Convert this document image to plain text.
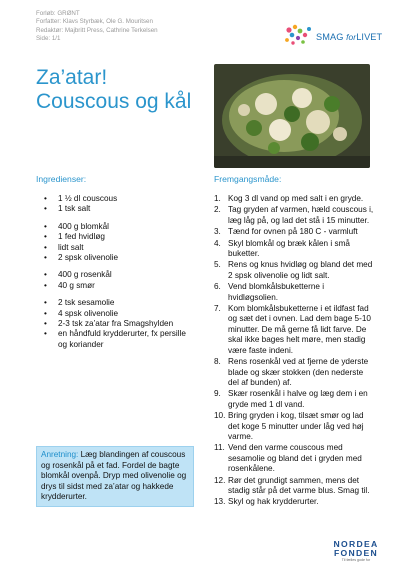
Forløb: GRØNT
Forfatter: Klavs Styrbæk, Ole G. Mouritsen
Redaktør: Majbritt Press, Cathrine Terkelsen
Side: 1/1	SMAG forLIVET
Za’atar! Couscous og kål
Ingredienser:	Fremgangsmåde:
• 1 ½ dl couscous
• 1 tsk salt
• 400 g blomkål
• 1 fed hvidløg
• lidt salt
• 2 spsk olivenolie
• 400 g rosenkål
• 40 g smør
• 2 tsk sesamolie
• 4 spsk olivenolie
• 2-3 tsk za’atar fra Smagshylden
• en håndfuld krydderurter, fx persille og koriander
1. Kog 3 dl vand op med salt i en gryde.
2. Tag gryden af varmen, hæld couscous i, læg låg på, og lad det stå i 15 minutter.
3. Tænd for ovnen på 180 C - varmluft
4. Skyl blomkål og bræk kålen i små buketter.
5. Rens og knus hvidløg og bland det med 2 spsk olivenolie og lidt salt.
6. Vend blomkålsbuketterne i hvidløgsolien.
7. Kom blomkålsbuketterne i et ildfast fad og sæt det i ovnen. Lad dem bage 5-10 minutter. De må gerne få lidt farve. De skal ikke bages helt møre, men stadig være faste indeni.
8. Rens rosenkål ved at fjerne de yderste blade og skær stokken (den nederste del af bunden) af.
9. Skær rosenkål i halve og læg dem i en gryde med 1 dl vand.
10. Bring gryden i kog, tilsæt smør og lad det koge 5 minutter under låg ved høj varme.
11. Vend den varme couscous med sesamolie og bland det i gryden med rosenkålene.
12. Rør det grundigt sammen, mens det stadig står på det varme blus. Smag til.
13. Skyl og hak krydderurter.
Anretning: Læg blandingen af couscous og rosenkål på et fad. Fordel de bagte blomkål ovenpå. Dryp med olivenolie og drys til sidst med za’atar og hakkede krydderurter.
NORDEA
FONDEN
Til fælles gode for
